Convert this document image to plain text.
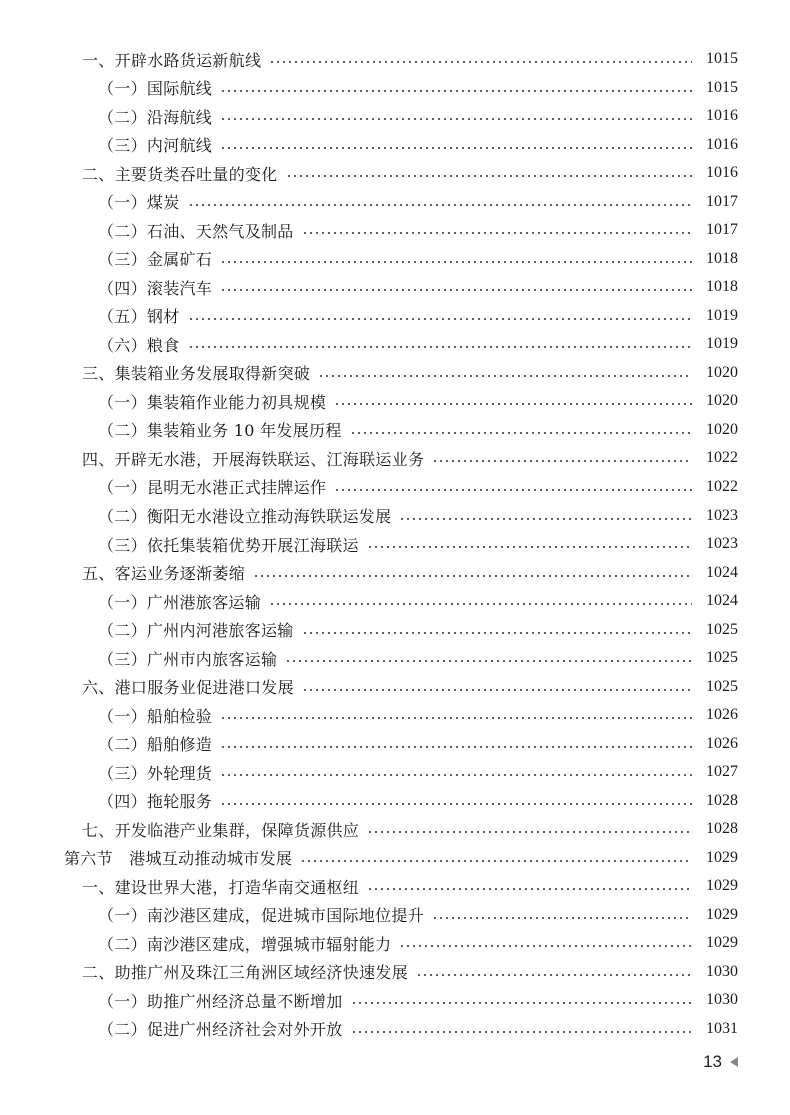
一、开辟水路货运新航线	1015
（一）国际航线	1015
（二）沿海航线	1016
（三）内河航线	1016
二、主要货类吞吐量的变化	1016
（一）煤炭	1017
（二）石油、天然气及制品	1017
（三）金属矿石	1018
（四）滚装汽车	1018
（五）钢材	1019
（六）粮食	1019
三、集装箱业务发展取得新突破	1020
（一）集装箱作业能力初具规模	1020
（二）集装箱业务 10 年发展历程	1020
四、开辟无水港，开展海铁联运、江海联运业务	1022
（一）昆明无水港正式挂牌运作	1022
（二）衡阳无水港设立推动海铁联运发展	1023
（三）依托集装箱优势开展江海联运	1023
五、客运业务逐渐萎缩	1024
（一）广州港旅客运输	1024
（二）广州内河港旅客运输	1025
（三）广州市内旅客运输	1025
六、港口服务业促进港口发展	1025
（一）船舶检验	1026
（二）船舶修造	1026
（三）外轮理货	1027
（四）拖轮服务	1028
七、开发临港产业集群，保障货源供应	1028
第六节　港城互动推动城市发展	1029
一、建设世界大港，打造华南交通枢纽	1029
（一）南沙港区建成，促进城市国际地位提升	1029
（二）南沙港区建成，增强城市辐射能力	1029
二、助推广州及珠江三角洲区域经济快速发展	1030
（一）助推广州经济总量不断增加	1030
（二）促进广州经济社会对外开放	1031
13
